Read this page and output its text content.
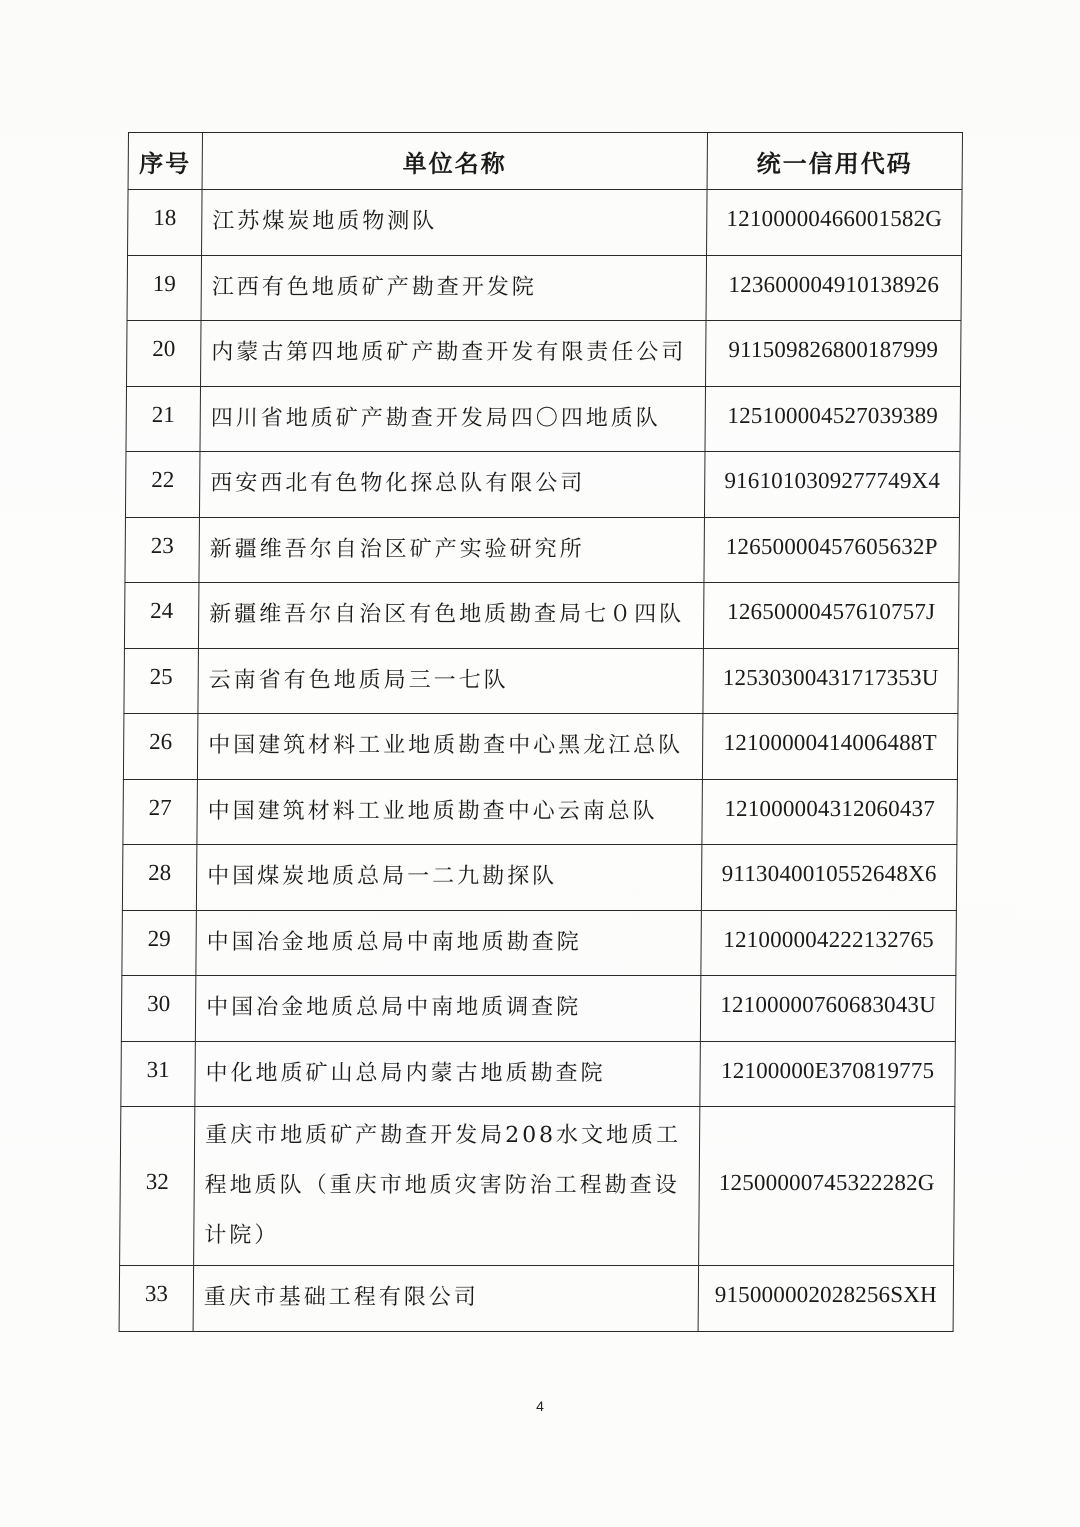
序号	单位名称	统一信用代码
18	江苏煤炭地质物测队	12100000466001582G
19	江西有色地质矿产勘查开发院	123600004910138926
20	内蒙古第四地质矿产勘查开发有限责任公司	911509826800187999
21	四川省地质矿产勘查开发局四〇四地质队	125100004527039389
22	西安西北有色物化探总队有限公司	9161010309277749X4
23	新疆维吾尔自治区矿产实验研究所	12650000457605632P
24	新疆维吾尔自治区有色地质勘查局七０四队	12650000457610757J
25	云南省有色地质局三一七队	12530300431717353U
26	中国建筑材料工业地质勘查中心黑龙江总队	12100000414006488T
27	中国建筑材料工业地质勘查中心云南总队	121000004312060437
28	中国煤炭地质总局一二九勘探队	9113040010552648X6
29	中国冶金地质总局中南地质勘查院	121000004222132765
30	中国冶金地质总局中南地质调查院	12100000760683043U
31	中化地质矿山总局内蒙古地质勘查院	12100000E370819775
32	重庆市地质矿产勘查开发局208水文地质工程地质队（重庆市地质灾害防治工程勘查设计院）	12500000745322282G
33	重庆市基础工程有限公司	915000002028256SXH
4
